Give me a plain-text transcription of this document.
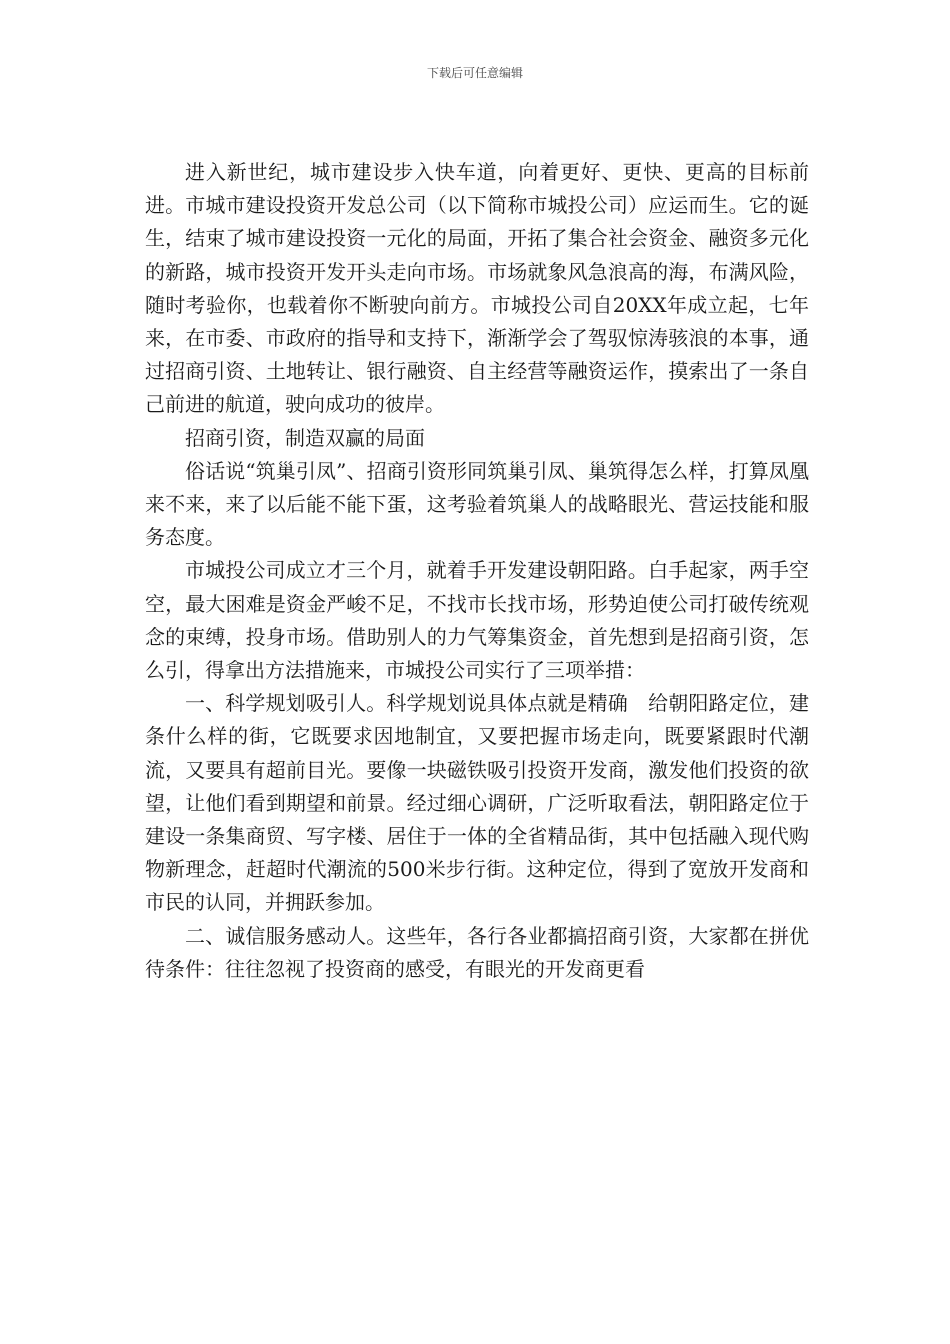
下载后可任意编辑

进入新世纪，城市建设步入快车道，向着更好、更快、更高的目标前进。市城市建设投资开发总公司（以下简称市城投公司）应运而生。它的诞生，结束了城市建设投资一元化的局面，开拓了集合社会资金、融资多元化的新路，城市投资开发开头走向市场。市场就象风急浪高的海，布满风险，随时考验你，也载着你不断驶向前方。市城投公司自20XX年成立起，七年来，在市委、市政府的指导和支持下，渐渐学会了驾驭惊涛骇浪的本事，通过招商引资、土地转让、银行融资、自主经营等融资运作，摸索出了一条自己前进的航道，驶向成功的彼岸。

招商引资，制造双赢的局面

俗话说“筑巢引凤”、招商引资形同筑巢引凤、巢筑得怎么样，打算凤凰来不来，来了以后能不能下蛋，这考验着筑巢人的战略眼光、营运技能和服务态度。

市城投公司成立才三个月，就着手开发建设朝阳路。白手起家，两手空空，最大困难是资金严峻不足，不找市长找市场，形势迫使公司打破传统观念的束缚，投身市场。借助别人的力气筹集资金，首先想到是招商引资，怎么引，得拿出方法措施来，市城投公司实行了三项举措：

一、科学规划吸引人。科学规划说具体点就是精确　给朝阳路定位，建条什么样的街，它既要求因地制宜，又要把握市场走向，既要紧跟时代潮流，又要具有超前目光。要像一块磁铁吸引投资开发商，激发他们投资的欲望，让他们看到期望和前景。经过细心调研，广泛听取看法，朝阳路定位于建设一条集商贸、写字楼、居住于一体的全省精品街，其中包括融入现代购物新理念，赶超时代潮流的500米步行街。这种定位，得到了宽放开发商和市民的认同，并拥跃参加。

二、诚信服务感动人。这些年，各行各业都搞招商引资，大家都在拼优待条件：往往忽视了投资商的感受，有眼光的开发商更看
